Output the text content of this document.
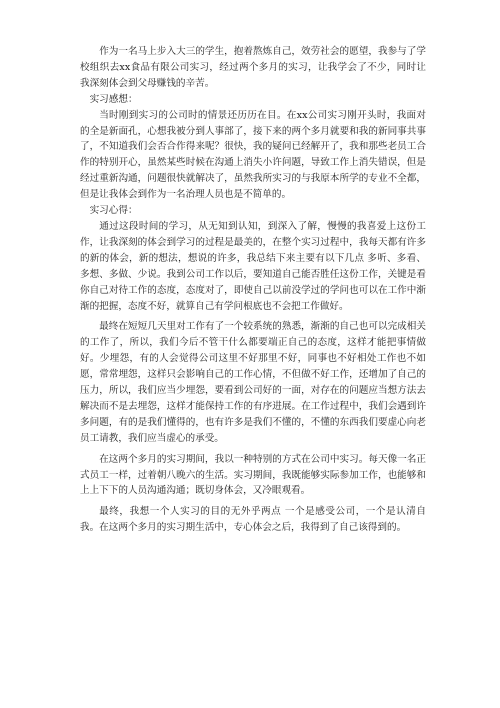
作为一名马上步入大三的学生，抱着熬炼自己，效劳社会的愿望，我参与了学校组织去xx食品有限公司实习，经过两个多月的实习，让我学会了不少，同时让我深刻体会到父母赚钱的辛苦。

实习感想：

当时刚到实习的公司时的情景还历历在目。在xx公司实习刚开头时，我面对的全是新面孔，心想我被分到人事部了，接下来的两个多月就要和我的新同事共事了，不知道我们会否合作得来呢？很快，我的疑问已经解开了，我和那些老员工合作的特别开心，虽然某些时候在沟通上消失小许问题，导致工作上消失错误，但是经过重新沟通，问题很快就解决了，虽然我所实习的与我原本所学的专业不全都，但是让我体会到作为一名治理人员也是不简单的。

实习心得：

通过这段时间的学习，从无知到认知，到深入了解，慢慢的我喜爱上这份工作，让我深刻的体会到学习的过程是最美的，在整个实习过程中，我每天都有许多的新的体会，新的想法，想说的许多，我总结下来主要有以下几点 多听、多看、多想、多做、少说。我到公司工作以后，要知道自己能否胜任这份工作，关键是看你自己对待工作的态度，态度对了，即使自己以前没学过的学问也可以在工作中渐渐的把握，态度不好，就算自己有学问根底也不会把工作做好。

最终在短短几天里对工作有了一个较系统的熟悉，渐渐的自己也可以完成相关的工作了，所以，我们今后不管干什么都要端正自己的态度，这样才能把事情做好。少埋怨，有的人会觉得公司这里不好那里不好，同事也不好相处工作也不如愿，常常埋怨，这样只会影响自己的工作心情，不但做不好工作，还增加了自己的压力，所以，我们应当少埋怨，要看到公司好的一面，对存在的问题应当想方法去解决而不是去埋怨，这样才能保持工作的有序进展。在工作过程中，我们会遇到许多问题，有的是我们懂得的，也有许多是我们不懂的，不懂的东西我们要虚心向老员工请教，我们应当虚心的承受。

在这两个多月的实习期间，我以一种特别的方式在公司中实习。每天像一名正式员工一样，过着朝八晚六的生活。实习期间，我既能够实际参加工作，也能够和上上下下的人员沟通沟通；既切身体会，又冷眼观看。

最终，我想一个人实习的目的无外乎两点 一个是感受公司，一个是认清自我。在这两个多月的实习期生活中，专心体会之后，我得到了自己该得到的。
